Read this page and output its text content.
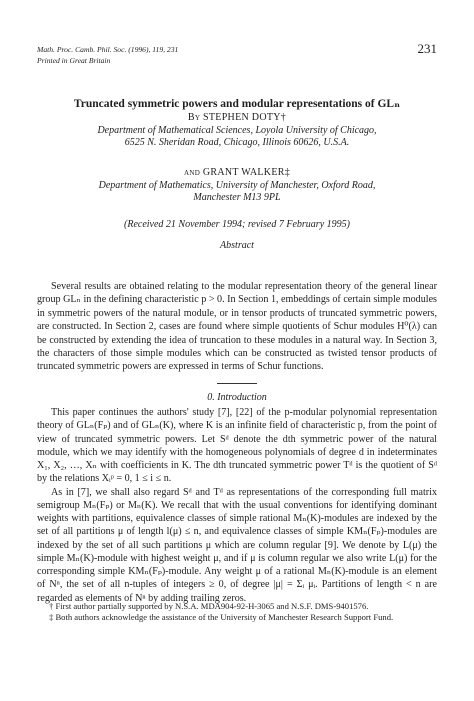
Math. Proc. Camb. Phil. Soc. (1996), 119, 231
Printed in Great Britain
231
Truncated symmetric powers and modular representations of GLₙ
By STEPHEN DOTY†
Department of Mathematical Sciences, Loyola University of Chicago,
6525 N. Sheridan Road, Chicago, Illinois 60626, U.S.A.
and GRANT WALKER‡
Department of Mathematics, University of Manchester, Oxford Road,
Manchester M13 9PL
(Received 21 November 1994; revised 7 February 1995)
Abstract

Several results are obtained relating to the modular representation theory of the general linear group GLₙ in the defining characteristic p > 0. In Section 1, embeddings of certain simple modules in symmetric powers of the natural module, or in tensor products of truncated symmetric powers, are constructed. In Section 2, cases are found where simple quotients of Schur modules H⁰(λ) can be constructed by extending the idea of truncation to these modules in a natural way. In Section 3, the characters of those simple modules which can be constructed as twisted tensor products of truncated symmetric powers are expressed in terms of Schur functions.

0. Introduction

This paper continues the authors' study [7], [22] of the p-modular polynomial representation theory of GLₙ(Fₚ) and of GLₙ(K), where K is an infinite field of characteristic p, from the point of view of truncated symmetric powers. Let Sᵈ denote the dth symmetric power of the natural module, which we may identify with the homogeneous polynomials of degree d in indeterminates X₁, X₂, …, Xₙ with coefficients in K. The dth truncated symmetric power Tᵈ is the quotient of Sᵈ by the relations Xᵢᵖ = 0, 1 ≤ i ≤ n.

As in [7], we shall also regard Sᵈ and Tᵈ as representations of the corresponding full matrix semigroup Mₙ(Fₚ) or Mₙ(K). We recall that with the usual conventions for identifying dominant weights with partitions, equivalence classes of simple rational Mₙ(K)-modules are indexed by the set of all partitions μ of length l(μ) ≤ n, and equivalence classes of simple KMₙ(Fₚ)-modules are indexed by the set of all such partitions μ which are column regular [9]. We denote by L(μ) the simple Mₙ(K)-module with highest weight μ, and if μ is column regular we also write L(μ) for the corresponding simple KMₙ(Fₚ)-module. Any weight μ of a rational Mₙ(K)-module is an element of Nⁿ, the set of all n-tuples of integers ≥ 0, of degree |μ| = Σᵢ μᵢ. Partitions of length < n are regarded as elements of Nⁿ by adding trailing zeros.

† First author partially supported by N.S.A. MDA904-92-H-3065 and N.S.F. DMS-9401576.

‡ Both authors acknowledge the assistance of the University of Manchester Research Support Fund.
